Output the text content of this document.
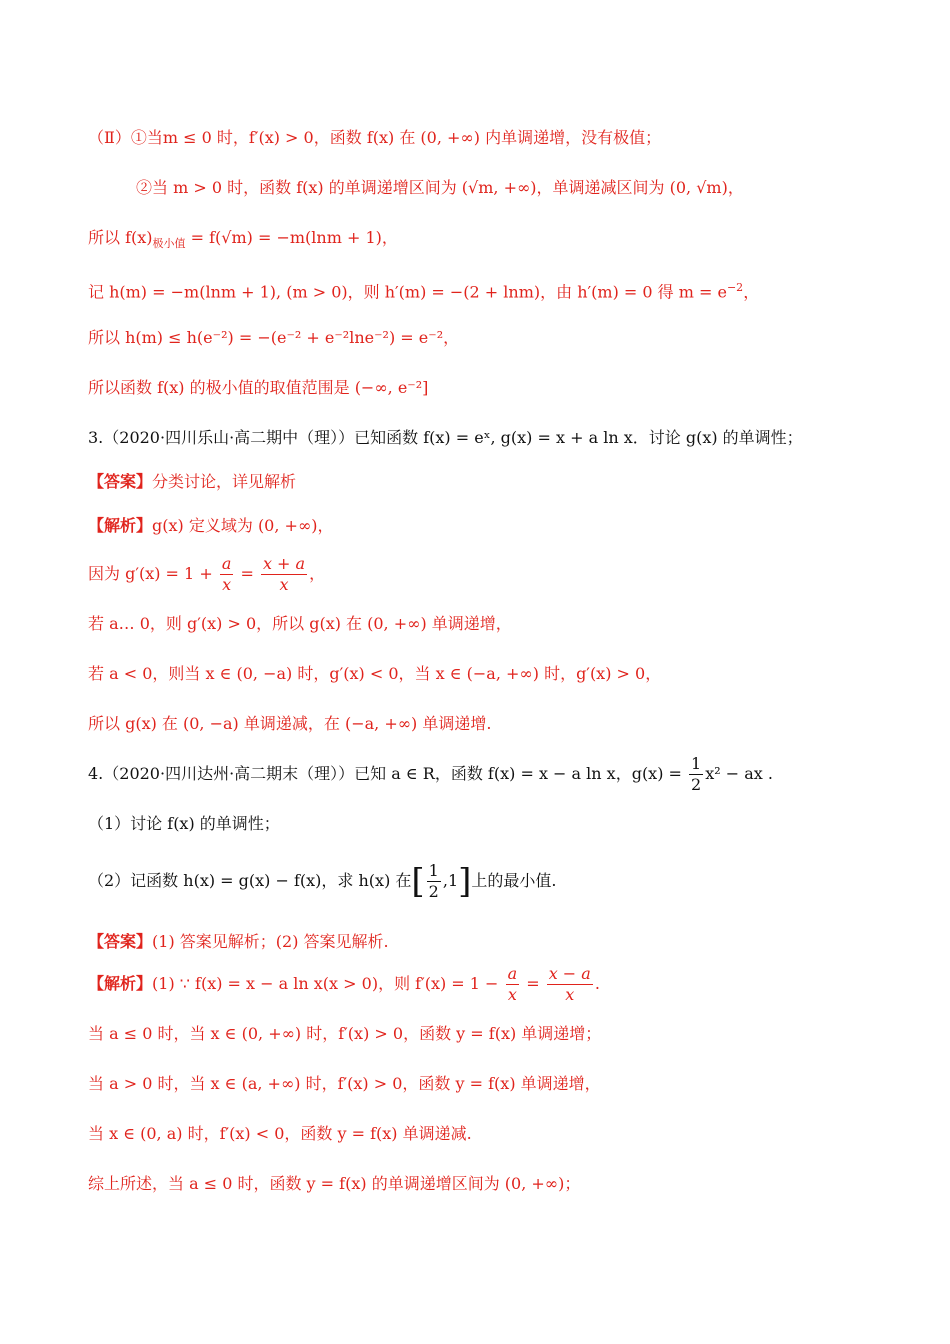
（Ⅱ）①当m ≤ 0 时，f′(x) > 0，函数 f(x) 在 (0, +∞) 内单调递增，没有极值；
②当 m > 0 时，函数 f(x) 的单调递增区间为 (√m, +∞)，单调递减区间为 (0, √m)，
所以 $f(x)_{极小值} = f(√m) = -m(\ln m + 1)$，
记 h(m) = −m(lnm + 1), (m > 0)，则 h′(m) = −(2 + lnm)，由 h′(m) = 0 得 $m = e^{-2}$，
所以 h(m) ≤ h(e⁻²) = −(e⁻² + e⁻²lne⁻²) = e⁻²，
所以函数 f(x) 的极小值的取值范围是 (−∞, e⁻²]
3.（2020·四川乐山·高二期中（理））已知函数 f(x) = eˣ, g(x) = x + a ln x．讨论 g(x) 的单调性；
【答案】分类讨论，详见解析
【解析】g(x) 定义域为 (0, +∞)，
因为 $g'(x) = 1 + \frac{a}{x} = \frac{x + a}{x}$ ，
若 a… 0，则 g′(x) > 0，所以 g(x) 在 (0, +∞) 单调递增，
若 a < 0，则当 x ∈ (0, −a) 时，g′(x) < 0，当 x ∈ (−a, +∞) 时，g′(x) > 0，
所以 g(x) 在 (0, −a) 单调递减，在 (−a, +∞) 单调递增.
4.（2020·四川达州·高二期末（理））已知 a ∈ R，函数 f(x) = x − a ln x，$g(x) = \frac{1}{2} x^2$ − ax .
（1）讨论 f(x) 的单调性；
（2）记函数 h(x) = g(x) − f(x)，求 h(x) 在[ $\frac{1}{2} ,1$]上的最小值.
【答案】(1) 答案见解析；(2) 答案见解析.
【解析】(1) ∵ f(x) = x − a ln x(x > 0)，则 $f'(x) = 1 - \frac{a}{x} = \frac{x - a}{x}$ .
当 a ≤ 0 时，当 x ∈ (0, +∞) 时，f′(x) > 0，函数 y = f(x) 单调递增；
当 a > 0 时，当 x ∈ (a, +∞) 时，f′(x) > 0，函数 y = f(x) 单调递增，
当 x ∈ (0, a) 时，f′(x) < 0，函数 y = f(x) 单调递减.
综上所述，当 a ≤ 0 时，函数 y = f(x) 的单调递增区间为 (0, +∞)；
